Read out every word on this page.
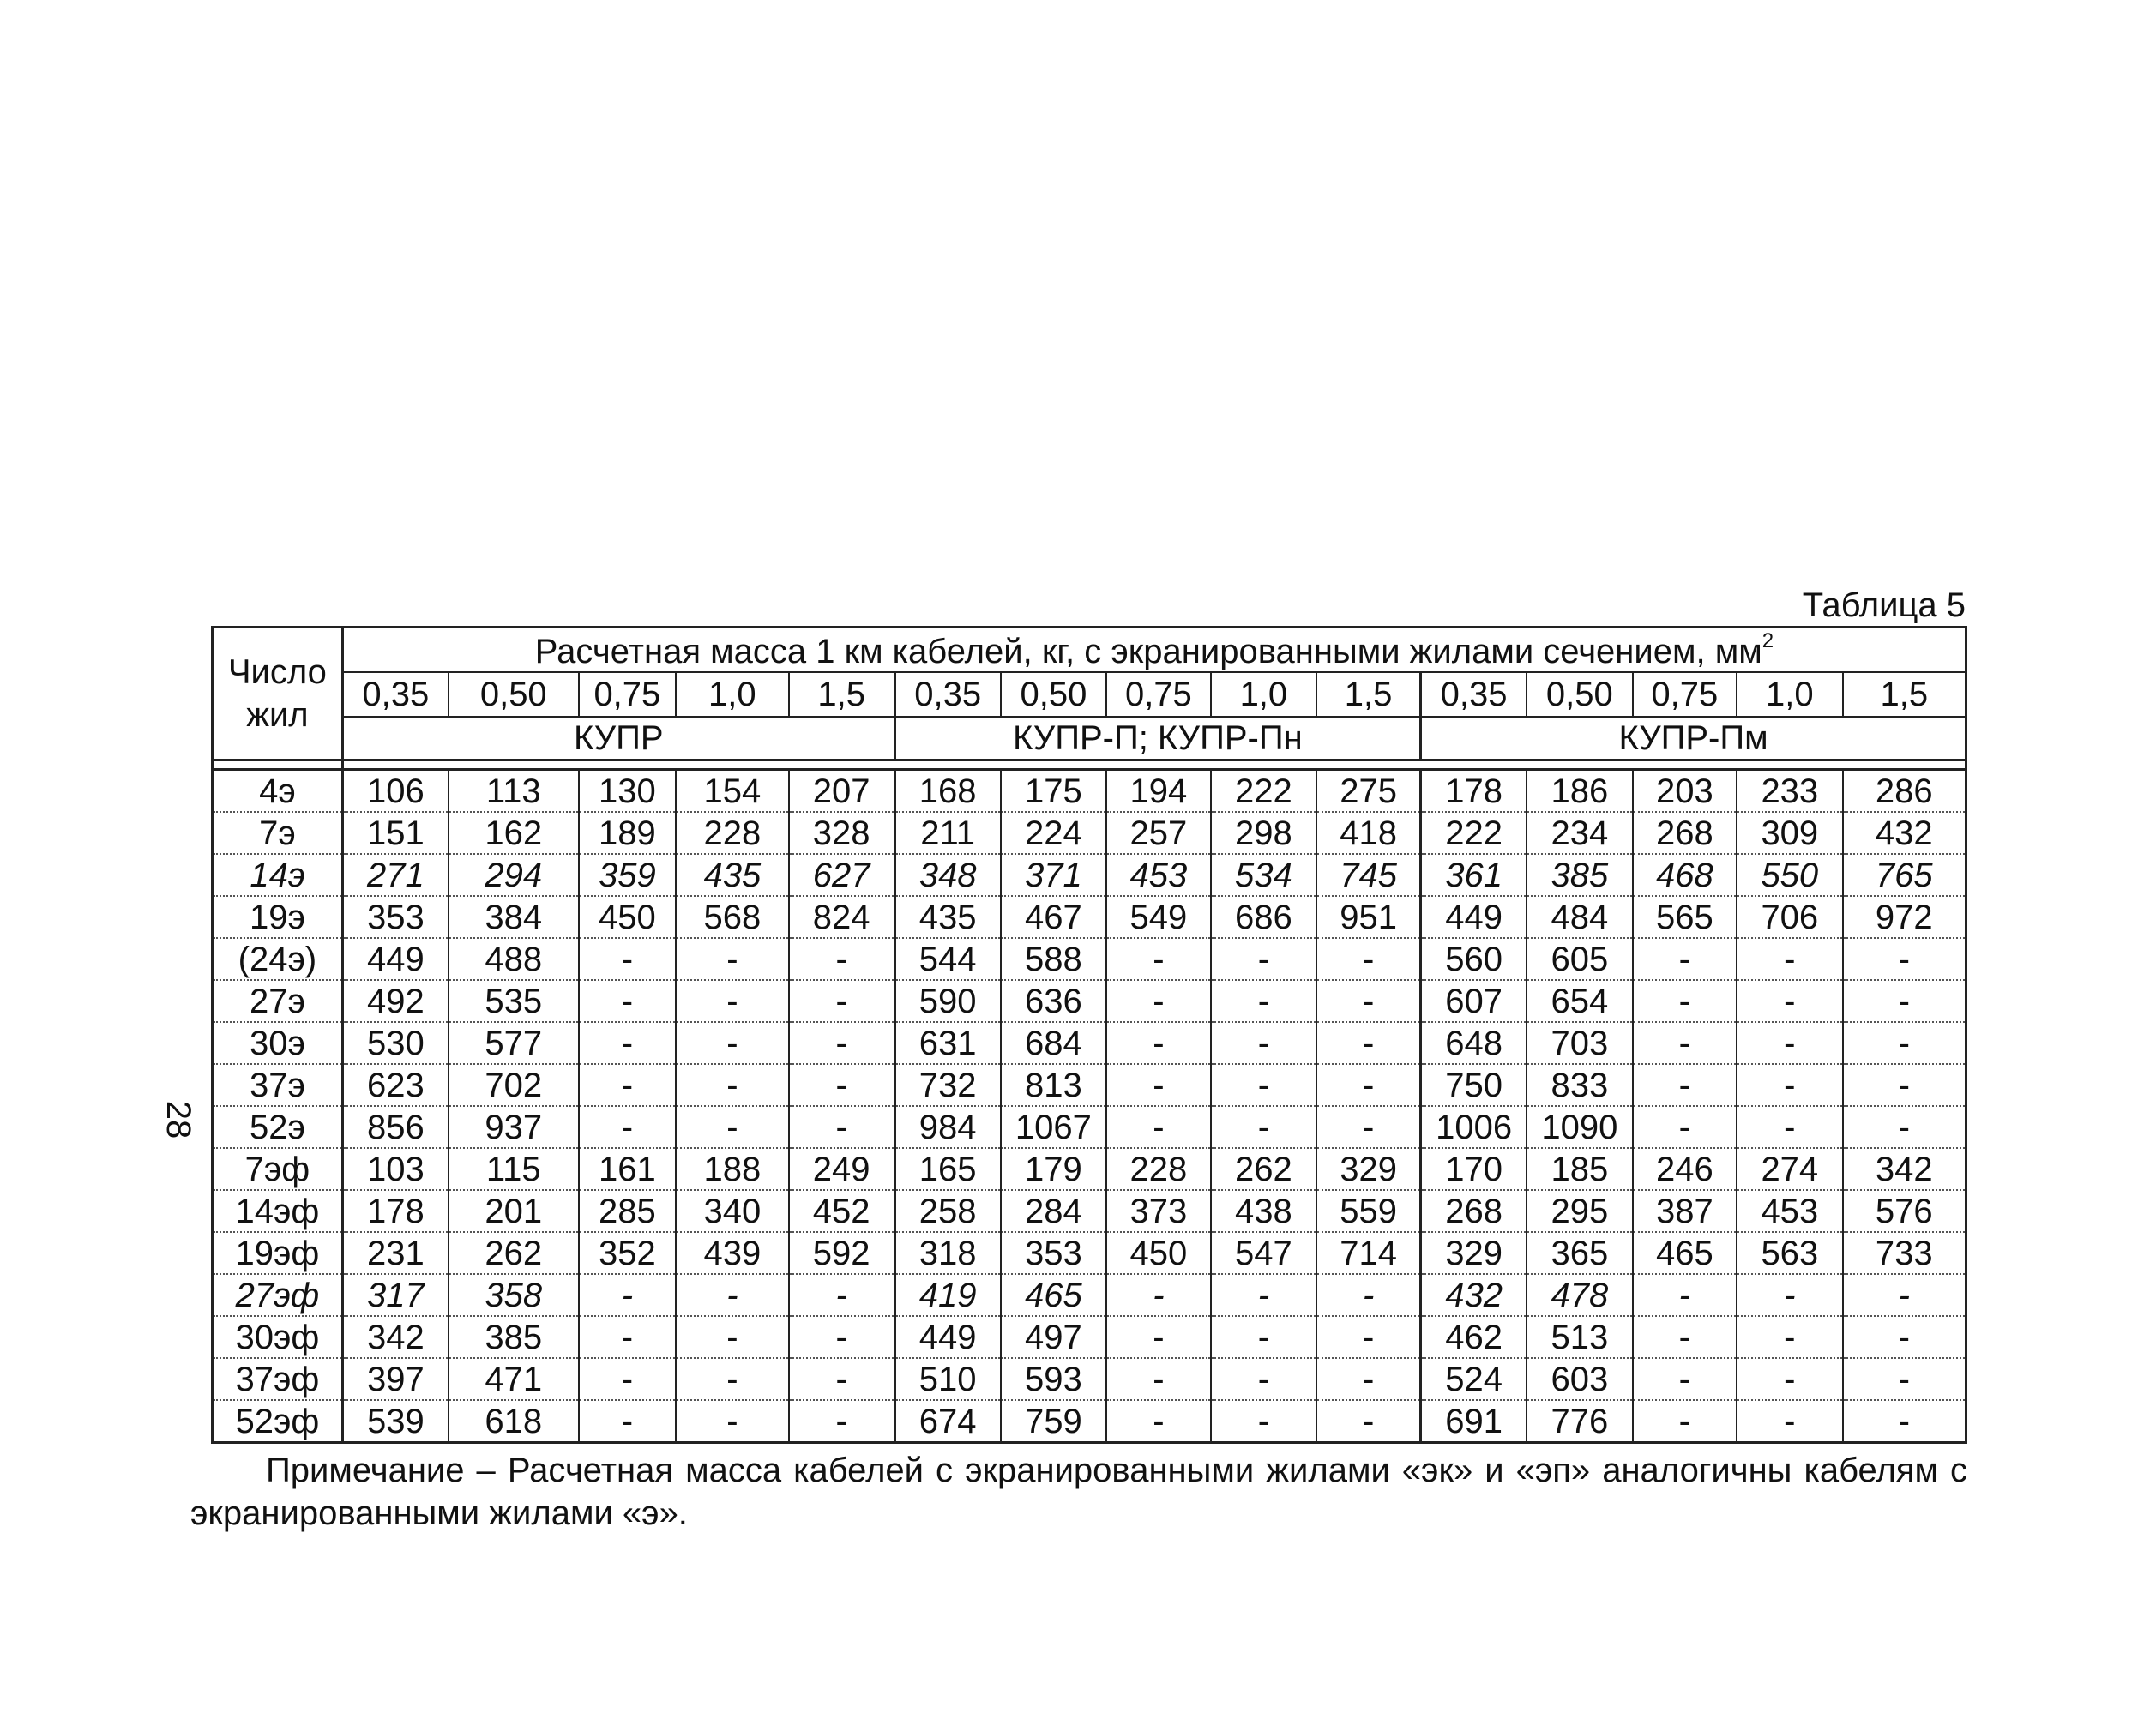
28
Таблица 5
Число жил	Расчетная масса 1 км кабелей, кг, с экранированными жилами сечением, $мм^2$
	0,35	0,50	0,75	1,0	1,5	0,35	0,50	0,75	1,0	1,5	0,35	0,50	0,75	1,0	1,5
	КУПР					КУПР-П; КУПР-Пн					КУПР-Пм				

4э	106	113	130	154	207	168	175	194	222	275	178	186	203	233	286
7э	151	162	189	228	328	211	224	257	298	418	222	234	268	309	432
14э	271	294	359	435	627	348	371	453	534	745	361	385	468	550	765
19э	353	384	450	568	824	435	467	549	686	951	449	484	565	706	972
(24э)	449	488	-	-	-	544	588	-	-	-	560	605	-	-	-
27э	492	535	-	-	-	590	636	-	-	-	607	654	-	-	-
30э	530	577	-	-	-	631	684	-	-	-	648	703	-	-	-
37э	623	702	-	-	-	732	813	-	-	-	750	833	-	-	-
52э	856	937	-	-	-	984	1067	-	-	-	1006	1090	-	-	-
7эф	103	115	161	188	249	165	179	228	262	329	170	185	246	274	342
14эф	178	201	285	340	452	258	284	373	438	559	268	295	387	453	576
19эф	231	262	352	439	592	318	353	450	547	714	329	365	465	563	733
27эф	317	358	-	-	-	419	465	-	-	-	432	478	-	-	-
30эф	342	385	-	-	-	449	497	-	-	-	462	513	-	-	-
37эф	397	471	-	-	-	510	593	-	-	-	524	603	-	-	-
52эф	539	618	-	-	-	674	759	-	-	-	691	776	-	-	-
Примечание – Расчетная масса кабелей с экранированными жилами «эк» и «эп» аналогичны кабелям с экранированными жилами «э».
